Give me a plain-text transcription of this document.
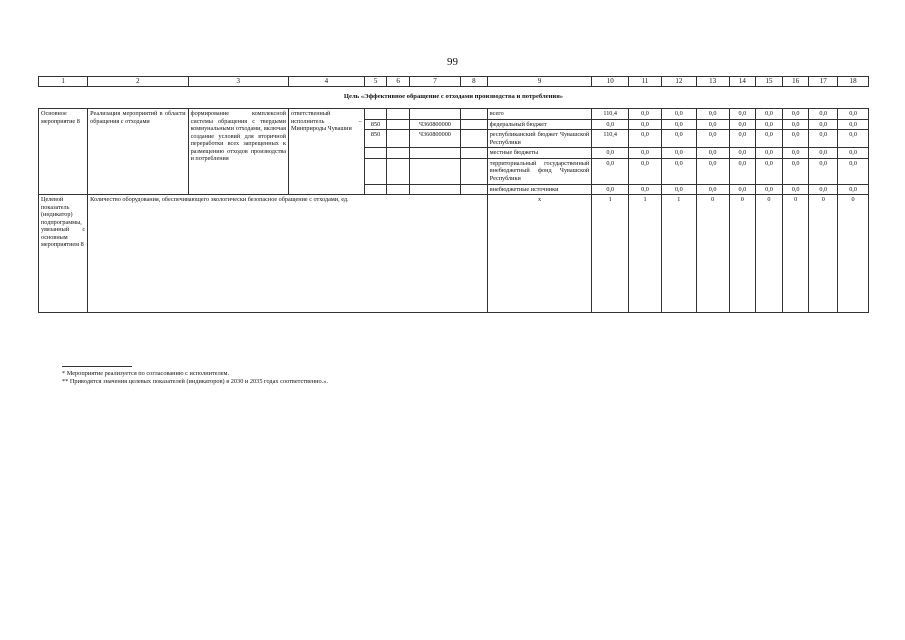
99
1	2	3	4	5	6	7	8	9	10	11	12	13	14	15	16	17	18
Цель «Эффективное обращение с отходами производства и потребления»																	
Основное мероприятие 8	Реализация мероприятий в области обращения с отходами	формирование комплексной системы обращения с твердыми коммунальными отходами, включая создание условий для вторичной переработки всех запрещенных к размещению отходов производства и потребления	ответственный исполнитель – Минприроды Чувашии					всего	110,4	0,0	0,0	0,0	0,0	0,0	0,0	0,0	0,0
				850		Ч360800000		федеральный бюджет	0,0	0,0	0,0	0,0	0,0	0,0	0,0	0,0	0,0
				850		Ч360800000		республиканский бюджет Чувашской Республики	110,4	0,0	0,0	0,0	0,0	0,0	0,0	0,0	0,0
								местные бюджеты	0,0	0,0	0,0	0,0	0,0	0,0	0,0	0,0	0,0
								территориальный государственный внебюджетный фонд Чувашской Республики	0,0	0,0	0,0	0,0	0,0	0,0	0,0	0,0	0,0
								внебюджетные источники	0,0	0,0	0,0	0,0	0,0	0,0	0,0	0,0	0,0
Целевой показатель (индикатор) подпрограммы, увязанный с основным мероприятием 8	Количество оборудования, обеспечивающего экологически безопасное обращение с отходами, ед.							х	1	1	1	0	0	0	0	0	0
* Мероприятие реализуется по согласованию с исполнителем.
** Приводятся значения целевых показателей (индикаторов) в 2030 и 2035 годах соответственно.».
